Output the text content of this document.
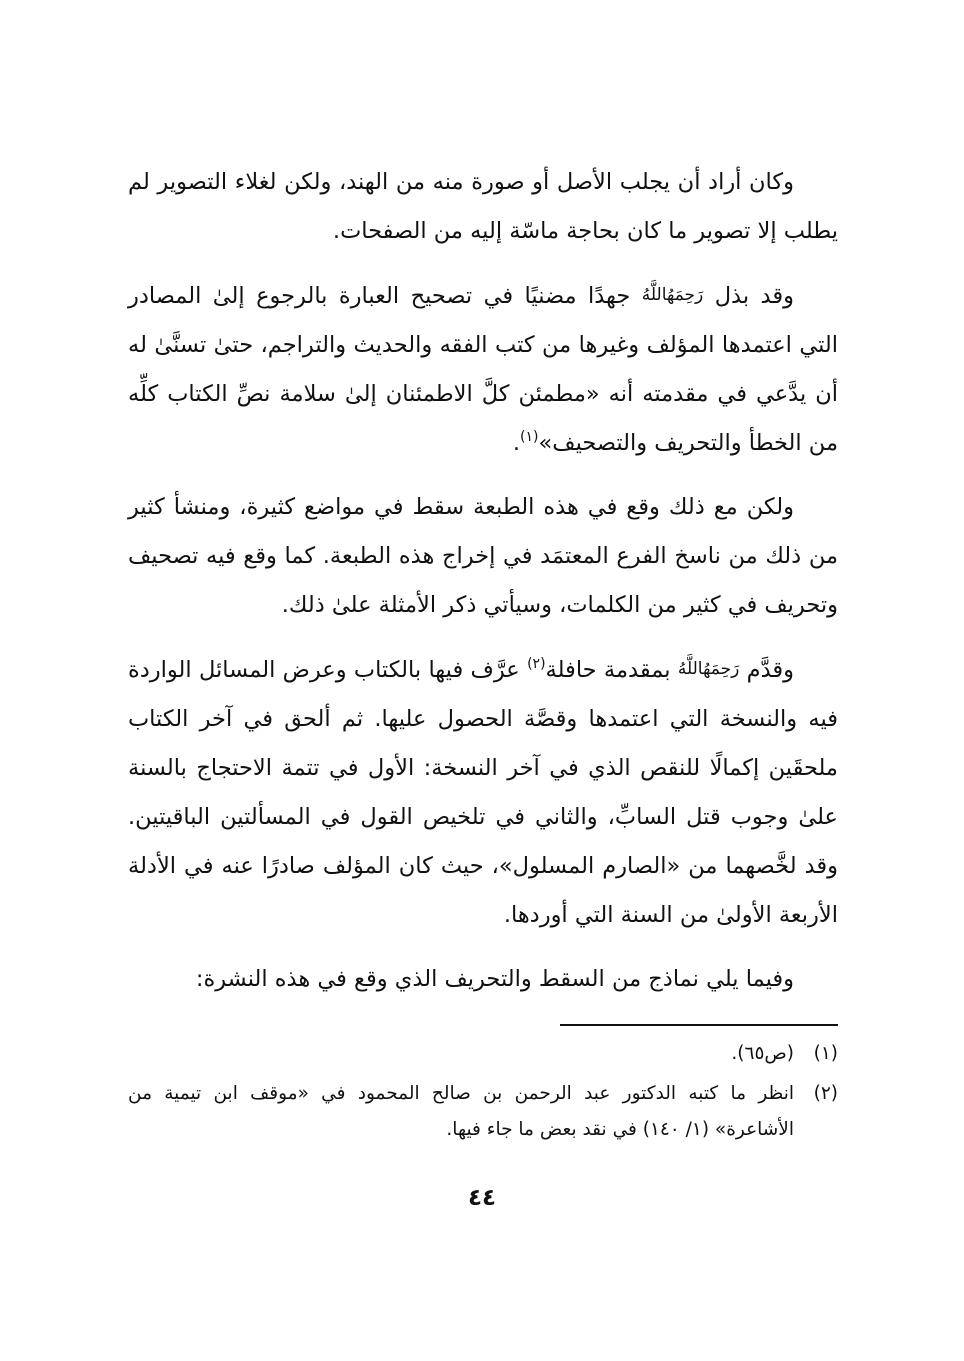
وكان أراد أن يجلب الأصل أو صورة منه من الهند، ولكن لغلاء التصوير لم يطلب إلا تصوير ما كان بحاجة ماسّة إليه من الصفحات.

وقد بذل رَحِمَهُاللَّهُ جهدًا مضنيًا في تصحيح العبارة بالرجوع إلىٰ المصادر التي اعتمدها المؤلف وغيرها من كتب الفقه والحديث والتراجم، حتىٰ تسنَّىٰ له أن يدَّعي في مقدمته أنه «مطمئن كلَّ الاطمئنان إلىٰ سلامة نصِّ الكتاب كلِّه من الخطأ والتحريف والتصحيف»$^{(١)}$.

ولكن مع ذلك وقع في هذه الطبعة سقط في مواضع كثيرة، ومنشأ كثير من ذلك من ناسخ الفرع المعتمَد في إخراج هذه الطبعة. كما وقع فيه تصحيف وتحريف في كثير من الكلمات، وسيأتي ذكر الأمثلة علىٰ ذلك.

وقدَّم رَحِمَهُاللَّهُ بمقدمة حافلة$^{(٢)}$ عرَّف فيها بالكتاب وعرض المسائل الواردة فيه والنسخة التي اعتمدها وقصَّة الحصول عليها. ثم ألحق في آخر الكتاب ملحقَين إكمالًا للنقص الذي في آخر النسخة: الأول في تتمة الاحتجاج بالسنة علىٰ وجوب قتل السابِّ، والثاني في تلخيص القول في المسألتين الباقيتين. وقد لخَّصهما من «الصارم المسلول»، حيث كان المؤلف صادرًا عنه في الأدلة الأربعة الأولىٰ من السنة التي أوردها.

وفيما يلي نماذج من السقط والتحريف الذي وقع في هذه النشرة:

(١)
(ص٦٥).
(٢)
انظر ما كتبه الدكتور عبد الرحمن بن صالح المحمود في «موقف ابن تيمية من الأشاعرة» (١/ ١٤٠) في نقد بعض ما جاء فيها.
٤٤
